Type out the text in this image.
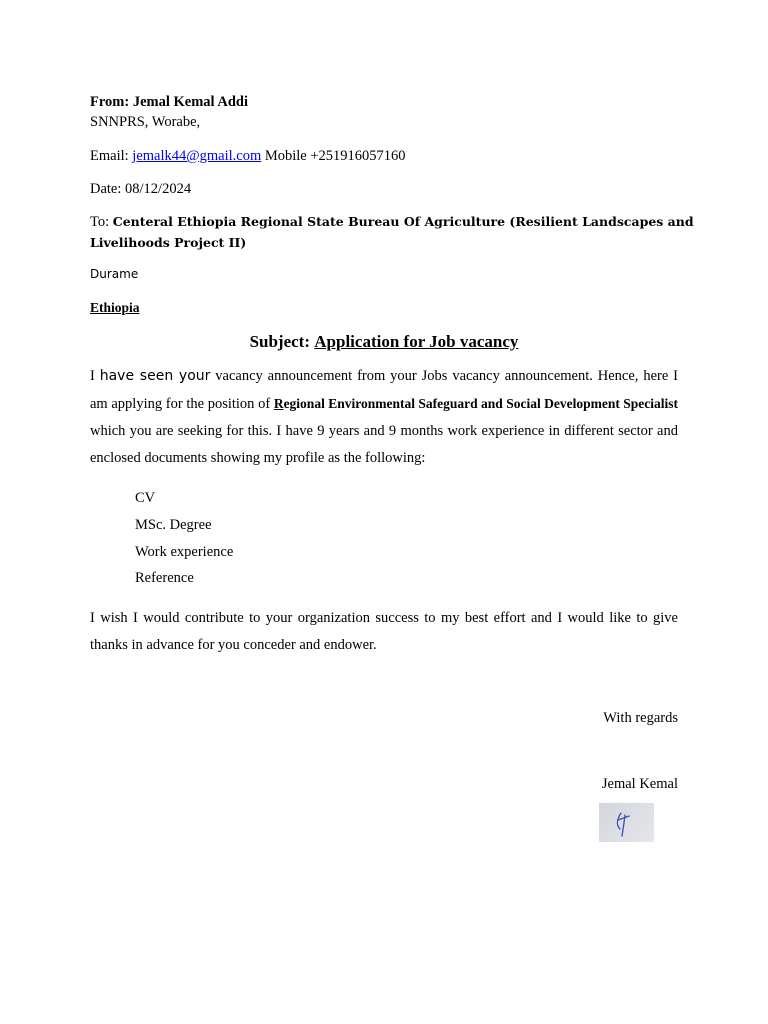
From: Jemal Kemal Addi
SNNPRS, Worabe,
Email: jemalk44@gmail.com Mobile +251916057160
Date: 08/12/2024
To: Centeral Ethiopia Regional State Bureau Of Agriculture (Resilient Landscapes and
Livelihoods Project II)
Durame
Ethiopia
Subject: Application for Job vacancy
I have seen your vacancy announcement from your Jobs vacancy announcement. Hence, here I am applying for the position of Regional Environmental Safeguard and Social Development Specialist which you are seeking for this. I have 9 years and 9 months work experience in different sector and enclosed documents showing my profile as the following:
CV
MSc. Degree
Work experience
Reference
I wish I would contribute to your organization success to my best effort and I would like to give thanks in advance for you conceder and endower.
With regards
Jemal Kemal
